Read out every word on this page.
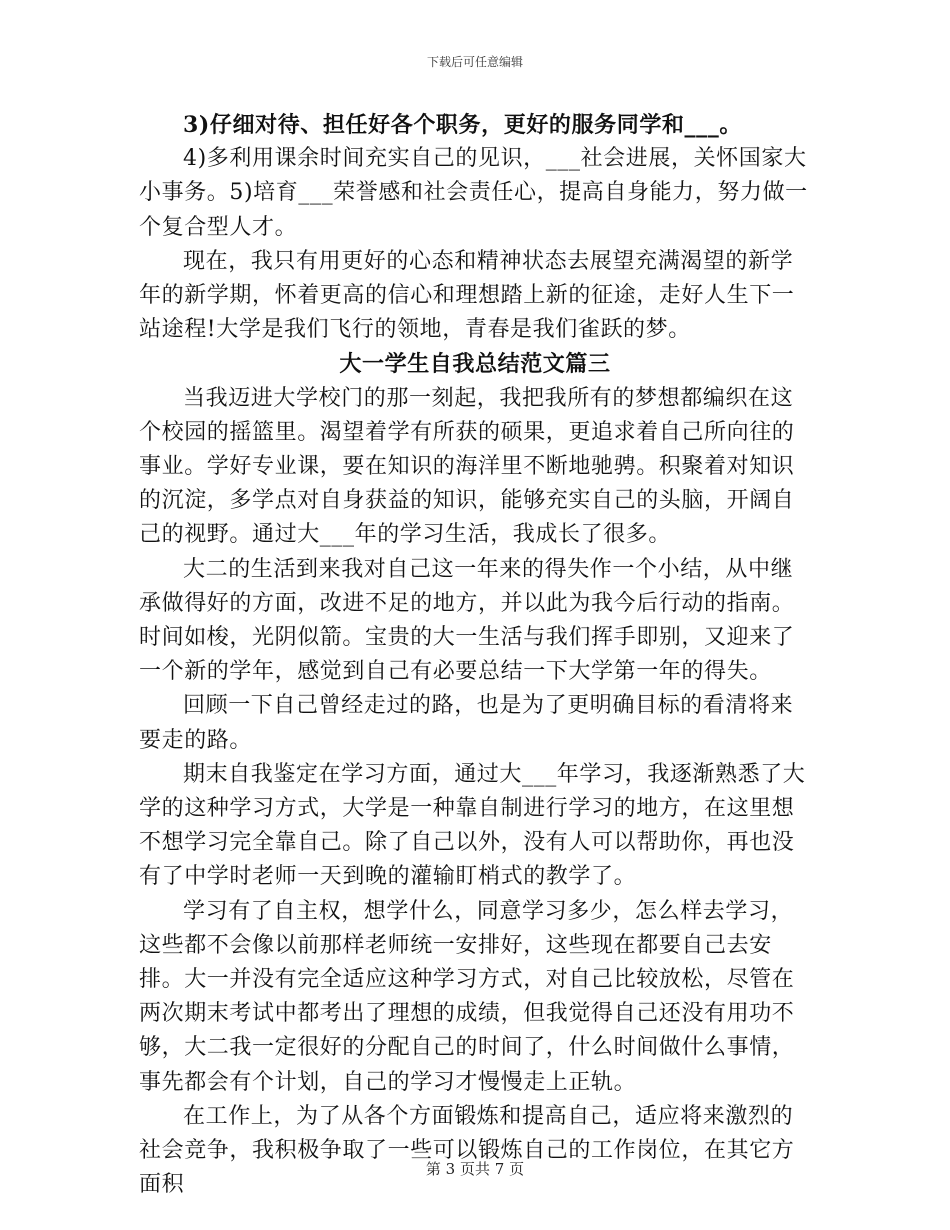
下载后可任意编辑

3)仔细对待、担任好各个职务，更好的服务同学和___。

4)多利用课余时间充实自己的见识，___社会进展，关怀国家大小事务。5)培育___荣誉感和社会责任心，提高自身能力，努力做一个复合型人才。

现在，我只有用更好的心态和精神状态去展望充满渴望的新学年的新学期，怀着更高的信心和理想踏上新的征途，走好人生下一站途程!大学是我们飞行的领地，青春是我们雀跃的梦。

大一学生自我总结范文篇三

当我迈进大学校门的那一刻起，我把我所有的梦想都编织在这个校园的摇篮里。渴望着学有所获的硕果，更追求着自己所向往的事业。学好专业课，要在知识的海洋里不断地驰骋。积聚着对知识的沉淀，多学点对自身获益的知识，能够充实自己的头脑，开阔自己的视野。通过大___年的学习生活，我成长了很多。

大二的生活到来我对自己这一年来的得失作一个小结，从中继承做得好的方面，改进不足的地方，并以此为我今后行动的指南。时间如梭，光阴似箭。宝贵的大一生活与我们挥手即别，又迎来了一个新的学年，感觉到自己有必要总结一下大学第一年的得失。

回顾一下自己曾经走过的路，也是为了更明确目标的看清将来要走的路。

期末自我鉴定在学习方面，通过大___年学习，我逐渐熟悉了大学的这种学习方式，大学是一种靠自制进行学习的地方，在这里想不想学习完全靠自己。除了自己以外，没有人可以帮助你，再也没有了中学时老师一天到晚的灌输盯梢式的教学了。

学习有了自主权，想学什么，同意学习多少，怎么样去学习，这些都不会像以前那样老师统一安排好，这些现在都要自己去安排。大一并没有完全适应这种学习方式，对自己比较放松，尽管在两次期末考试中都考出了理想的成绩，但我觉得自己还没有用功不够，大二我一定很好的分配自己的时间了，什么时间做什么事情，事先都会有个计划，自己的学习才慢慢走上正轨。

在工作上，为了从各个方面锻炼和提高自己，适应将来激烈的社会竞争，我积极争取了一些可以锻炼自己的工作岗位，在其它方面积

第 3 页共 7 页
